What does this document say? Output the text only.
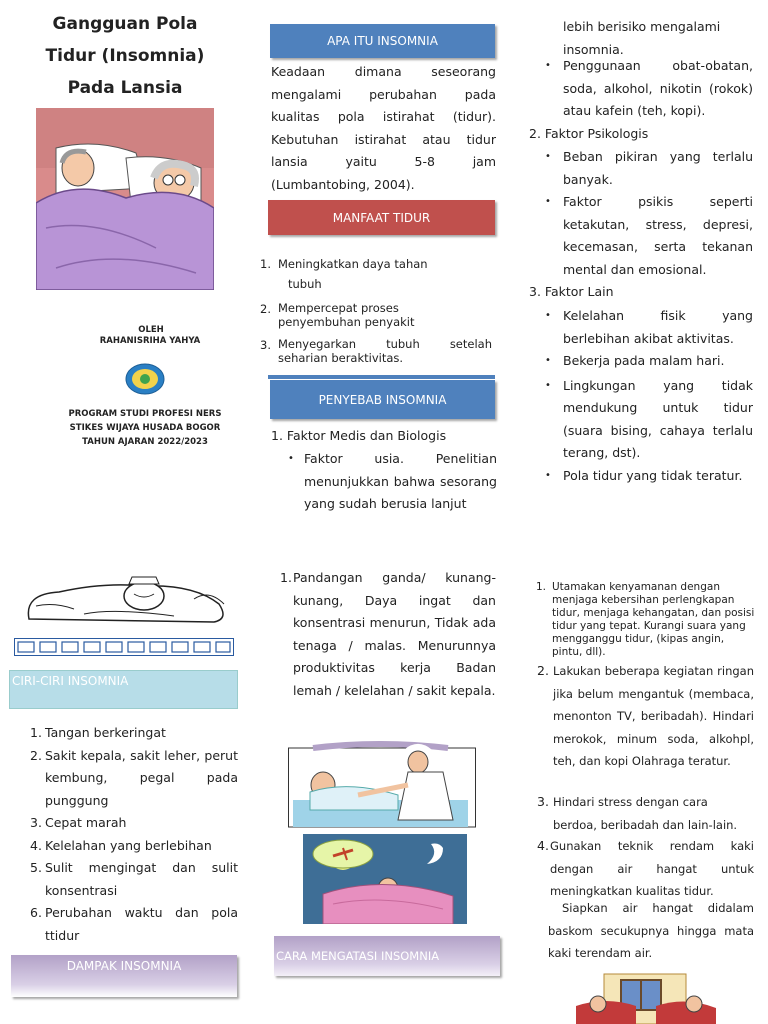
Gangguan Pola
Tidur (Insomnia)
Pada Lansia
OLEH
RAHANISRIHA YAHYA
PROGRAM STUDI PROFESI NERS
STIKES WIJAYA HUSADA BOGOR
TAHUN AJARAN 2022/2023
APA ITU INSOMNIA
Keadaan dimana seseorang mengalami perubahan pada kualitas pola istirahat (tidur). Kebutuhan istirahat atau tidur lansia yaitu 5-8 jam (Lumbantobing, 2004).
MANFAAT TIDUR
1. Meningkatkan daya tahan
tubuh
2. Mempercepat proses
penyembuhan penyakit
3. Menyegarkan tubuh setelah
seharian beraktivitas.
PENYEBAB INSOMNIA
1. Faktor Medis dan Biologis
• Faktor usia. Penelitian menunjukkan bahwa sesorang yang sudah berusia lanjut
lebih berisiko mengalami insomnia.
• Penggunaan obat-obatan, soda, alkohol, nikotin (rokok) atau kafein (teh, kopi).
2. Faktor Psikologis
• Beban pikiran yang terlalu banyak.
• Faktor psikis seperti ketakutan, stress, depresi, kecemasan, serta tekanan mental dan emosional.
3. Faktor Lain
• Kelelahan fisik yang berlebihan akibat aktivitas.
• Bekerja pada malam hari.
• Lingkungan yang tidak mendukung untuk tidur (suara bising, cahaya terlalu terang, dst).
• Pola tidur yang tidak teratur.
CIRI-CIRI INSOMNIA
1. Tangan berkeringat
2. Sakit kepala, sakit leher, perut kembung, pegal pada punggung
3. Cepat marah
4. Kelelahan yang berlebihan
5. Sulit mengingat dan sulit konsentrasi
6. Perubahan waktu dan pola ttidur
DAMPAK INSOMNIA
1. Pandangan ganda/ kunang-kunang, Daya ingat dan konsentrasi menurun, Tidak ada tenaga / malas. Menurunnya produktivitas kerja Badan lemah / kelelahan / sakit kepala.
CARA MENGATASI INSOMNIA
1. Utamakan kenyamanan dengan menjaga kebersihan perlengkapan tidur, menjaga kehangatan, dan posisi tidur yang tepat. Kurangi suara yang mengganggu tidur, (kipas angin, pintu, dll).
2. Lakukan beberapa kegiatan ringan jika belum mengantuk (membaca, menonton TV, beribadah). Hindari merokok, minum soda, alkohpl, teh, dan kopi Olahraga teratur.
3. Hindari stress dengan cara berdoa, beribadah dan lain-lain.
4. Gunakan teknik rendam kaki dengan air hangat untuk meningkatkan kualitas tidur.
Siapkan air hangat didalam baskom secukupnya hingga mata kaki terendam air.
